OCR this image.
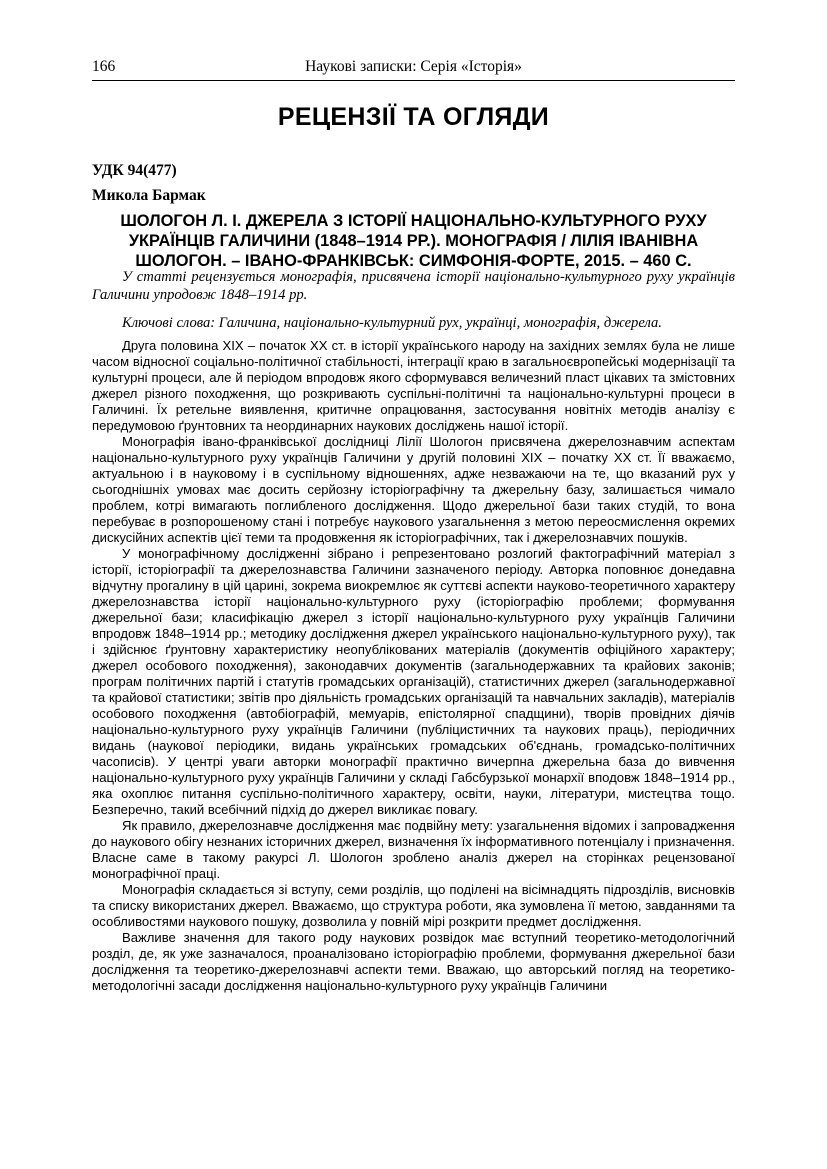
166	Наукові записки: Серія «Історія»
РЕЦЕНЗІЇ ТА ОГЛЯДИ
УДК 94(477)
Микола Бармак
ШОЛОГОН Л. І. ДЖЕРЕЛА З ІСТОРІЇ НАЦІОНАЛЬНО-КУЛЬТУРНОГО РУХУ УКРАЇНЦІВ ГАЛИЧИНИ (1848–1914 РР.). МОНОГРАФІЯ / ЛІЛІЯ ІВАНІВНА ШОЛОГОН. – ІВАНО-ФРАНКІВСЬК: СИМФОНІЯ-ФОРТЕ, 2015. – 460 С.
У статті рецензується монографія, присвячена історії національно-культурного руху українців Галичини упродовж 1848–1914 рр.
Ключові слова: Галичина, національно-культурний рух, українці, монографія, джерела.

Друга половина XIX – початок XX ст. в історії українського народу на західних землях була не лише часом відносної соціально-політичної стабільності, інтеграції краю в загальноєвропейські модернізації та культурні процеси, але й періодом впродовж якого сформувався величезний пласт цікавих та змістовних джерел різного походження, що розкривають суспільні-політичні та національно-культурні процеси в Галичині. Їх ретельне виявлення, критичне опрацювання, застосування новітніх методів аналізу є передумовою ґрунтовних та неординарних наукових досліджень нашої історії.

Монографія івано-франківської дослідниці Лілії Шологон присвячена джерелознавчим аспектам національно-культурного руху українців Галичини у другій половині XIX – початку XX ст. Її вважаємо, актуальною і в науковому і в суспільному відношеннях, адже незважаючи на те, що вказаний рух у сьогоднішніх умовах має досить серйозну історіографічну та джерельну базу, залишається чимало проблем, котрі вимагають поглибленого дослідження. Щодо джерельної бази таких студій, то вона перебуває в розпорошеному стані і потребує наукового узагальнення з метою переосмислення окремих дискусійних аспектів цієї теми та продовження як історіографічних, так і джерелознавчих пошуків.

У монографічному дослідженні зібрано і репрезентовано розлогий фактографічний матеріал з історії, історіографії та джерелознавства Галичини зазначеного періоду. Авторка поповнює донедавна відчутну прогалину в цій царині, зокрема виокремлює як суттєві аспекти науково-теоретичного характеру джерелознавства історії національно-культурного руху (історіографію проблеми; формування джерельної бази; класифікацію джерел з історії національно-культурного руху українців Галичини впродовж 1848–1914 рр.; методику дослідження джерел українського національно-культурного руху), так і здійснює ґрунтовну характеристику неопублікованих матеріалів (документів офіційного характеру; джерел особового походження), законодавчих документів (загальнодержавних та крайових законів; програм політичних партій і статутів громадських організацій), статистичних джерел (загальнодержавної та крайової статистики; звітів про діяльність громадських організацій та навчальних закладів), матеріалів особового походження (автобіографій, мемуарів, епістолярної спадщини), творів провідних діячів національно-культурного руху українців Галичини (публіцистичних та наукових праць), періодичних видань (наукової періодики, видань українських громадських об'єднань, громадсько-політичних часописів). У центрі уваги авторки монографії практично вичерпна джерельна база до вивчення національно-культурного руху українців Галичини у складі Габсбурзької монархії вподовж 1848–1914 рр., яка охоплює питання суспільно-політичного характеру, освіти, науки, літератури, мистецтва тощо. Безперечно, такий всебічний підхід до джерел викликає повагу.

Як правило, джерелознавче дослідження має подвійну мету: узагальнення відомих і запровадження до наукового обігу незнаних історичних джерел, визначення їх інформативного потенціалу і призначення. Власне саме в такому ракурсі Л. Шологон зроблено аналіз джерел на сторінках рецензованої монографічної праці.

Монографія складається зі вступу, семи розділів, що поділені на вісімнадцять підрозділів, висновків та списку використаних джерел. Вважаємо, що структура роботи, яка зумовлена її метою, завданнями та особливостями наукового пошуку, дозволила у повній мірі розкрити предмет дослідження.

Важливе значення для такого роду наукових розвідок має вступний теоретико-методологічний розділ, де, як уже зазначалося, проаналізовано історіографію проблеми, формування джерельної бази дослідження та теоретико-джерелознавчі аспекти теми. Вважаю, що авторський погляд на теоретико-методологічні засади дослідження національно-культурного руху українців Галичини
